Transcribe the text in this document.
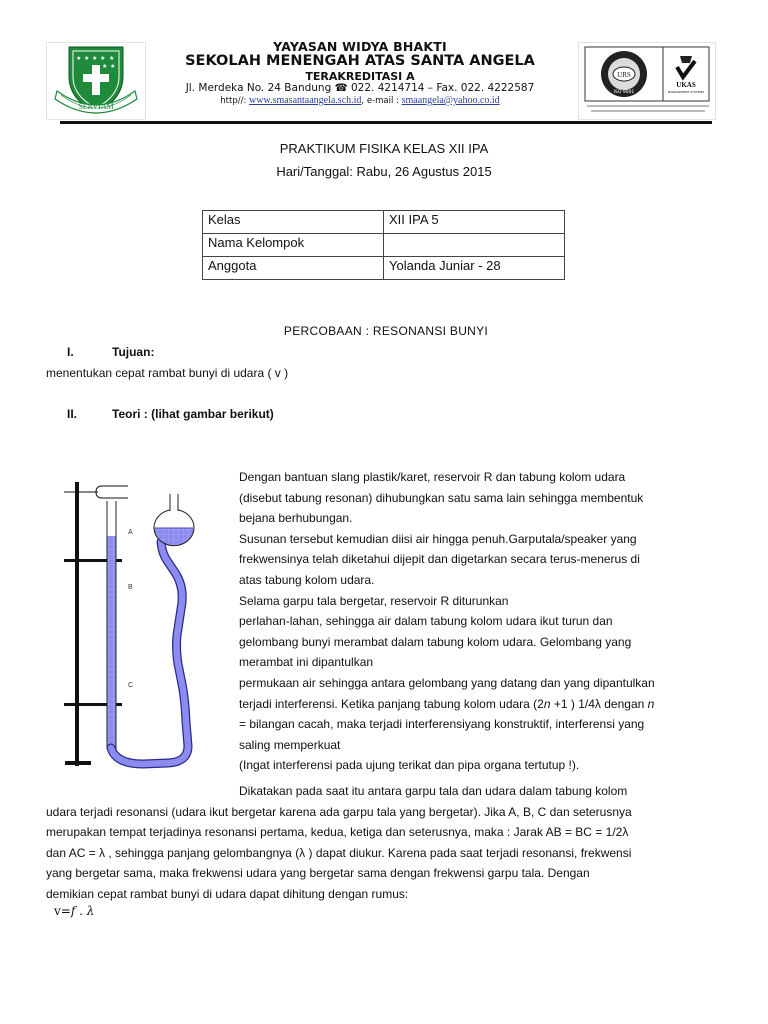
★ ★ ★ ★ ★
★ ★
SERVIAM
YAYASAN WIDYA BHAKTI
SEKOLAH MENENGAH ATAS SANTA ANGELA
TERAKREDITASI A
Jl. Merdeka No. 24 Bandung ☎ 022. 4214714 – Fax. 022. 4222587
http//: www.smasantaangela.sch.id, e-mail : smaangela@yahoo.co.id
URS
ISO 9001
UKAS
MANAGEMENT SYSTEMS
PRAKTIKUM FISIKA KELAS XII IPA
Hari/Tanggal: Rabu, 26 Agustus 2015
Kelas	XII IPA 5
Nama Kelompok	
Anggota	Yolanda Juniar - 28
PERCOBAAN : RESONANSI BUNYI
I.	Tujuan:
menentukan cepat rambat bunyi di udara ( v )
II.	Teori : (lihat gambar berikut)
A
B
C
Dengan bantuan slang plastik/karet, reservoir R dan tabung kolom udara
(disebut tabung resonan) dihubungkan satu sama lain sehingga membentuk
bejana berhubungan.
Susunan tersebut kemudian diisi air hingga penuh.Garputala/speaker yang
frekwensinya telah diketahui dijepit dan digetarkan secara terus-menerus di
atas tabung kolom udara.
Selama garpu tala bergetar, reservoir R diturunkan
perlahan-lahan, sehingga air dalam tabung kolom udara ikut turun dan
gelombang bunyi merambat dalam tabung kolom udara. Gelombang yang
merambat ini dipantulkan
permukaan air sehingga antara gelombang yang datang dan yang dipantulkan
terjadi interferensi. Ketika panjang tabung kolom udara (2n +1 ) 1/4λ dengan n
= bilangan cacah, maka terjadi interferensiyang konstruktif, interferensi yang
saling memperkuat
(Ingat interferensi pada ujung terikat dan pipa organa tertutup !).
Dikatakan pada saat itu antara garpu tala dan udara dalam tabung kolom
udara terjadi resonansi (udara ikut bergetar karena ada garpu tala yang bergetar). Jika A, B, C dan seterusnya
merupakan tempat terjadinya resonansi pertama, kedua, ketiga dan seterusnya, maka : Jarak AB = BC = 1/2λ
dan AC = λ , sehingga panjang gelombangnya (λ ) dapat diukur. Karena pada saat terjadi resonansi, frekwensi
yang bergetar sama, maka frekwensi udara yang bergetar sama dengan frekwensi garpu tala. Dengan
demikian cepat rambat bunyi di udara dapat dihitung dengan rumus:
v=f . λ
